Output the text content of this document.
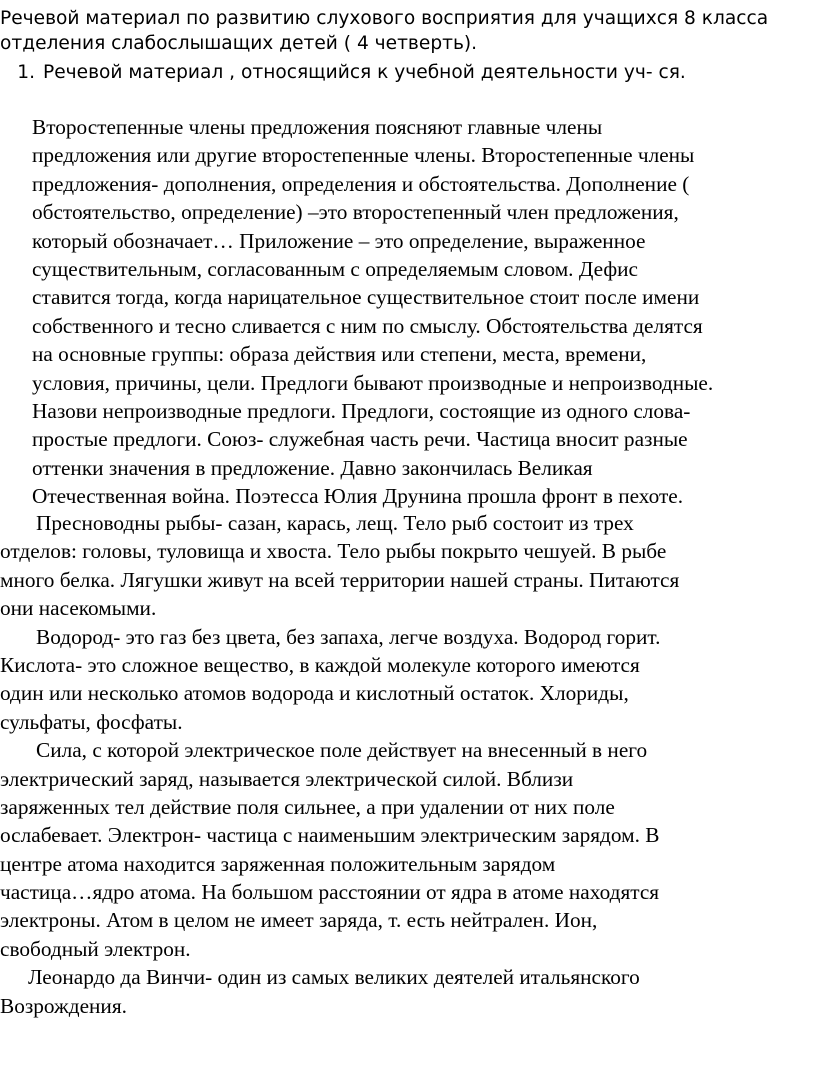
Речевой материал по развитию слухового восприятия для учащихся 8 класса
отделения слабослышащих детей ( 4 четверть).
1. Речевой материал , относящийся к учебной деятельности уч- ся.
Второстепенные члены предложения поясняют главные члены
предложения или другие второстепенные члены. Второстепенные члены
предложения- дополнения, определения и обстоятельства. Дополнение (
обстоятельство, определение) –это второстепенный член предложения,
который обозначает… Приложение – это определение, выраженное
существительным, согласованным с определяемым словом. Дефис
ставится тогда, когда нарицательное существительное стоит после имени
собственного и тесно сливается с ним по смыслу. Обстоятельства делятся
на основные группы: образа действия или степени, места, времени,
условия, причины, цели. Предлоги бывают производные и непроизводные.
Назови непроизводные предлоги. Предлоги, состоящие из одного слова-
простые предлоги. Союз- служебная часть речи. Частица вносит разные
оттенки значения в предложение. Давно закончилась Великая
Отечественная война. Поэтесса Юлия Друнина прошла фронт в пехоте.
Пресноводны рыбы- сазан, карась, лещ. Тело рыб состоит из трех
отделов: головы, туловища и хвоста. Тело рыбы покрыто чешуей. В рыбе
много белка. Лягушки живут на всей территории нашей страны. Питаются
они насекомыми.
Водород- это газ без цвета, без запаха, легче воздуха. Водород горит.
Кислота- это сложное вещество, в каждой молекуле которого имеются
один или несколько атомов водорода и кислотный остаток. Хлориды,
сульфаты, фосфаты.
Сила, с которой электрическое поле действует на внесенный в него
электрический заряд, называется электрической силой. Вблизи
заряженных тел действие поля сильнее, а при удалении от них поле
ослабевает. Электрон- частица с наименьшим электрическим зарядом. В
центре атома находится заряженная положительным зарядом
частица…ядро атома. На большом расстоянии от ядра в атоме находятся
электроны. Атом в целом не имеет заряда, т. есть нейтрален. Ион,
свободный электрон.
Леонардо да Винчи- один из самых великих деятелей итальянского
Возрождения.
